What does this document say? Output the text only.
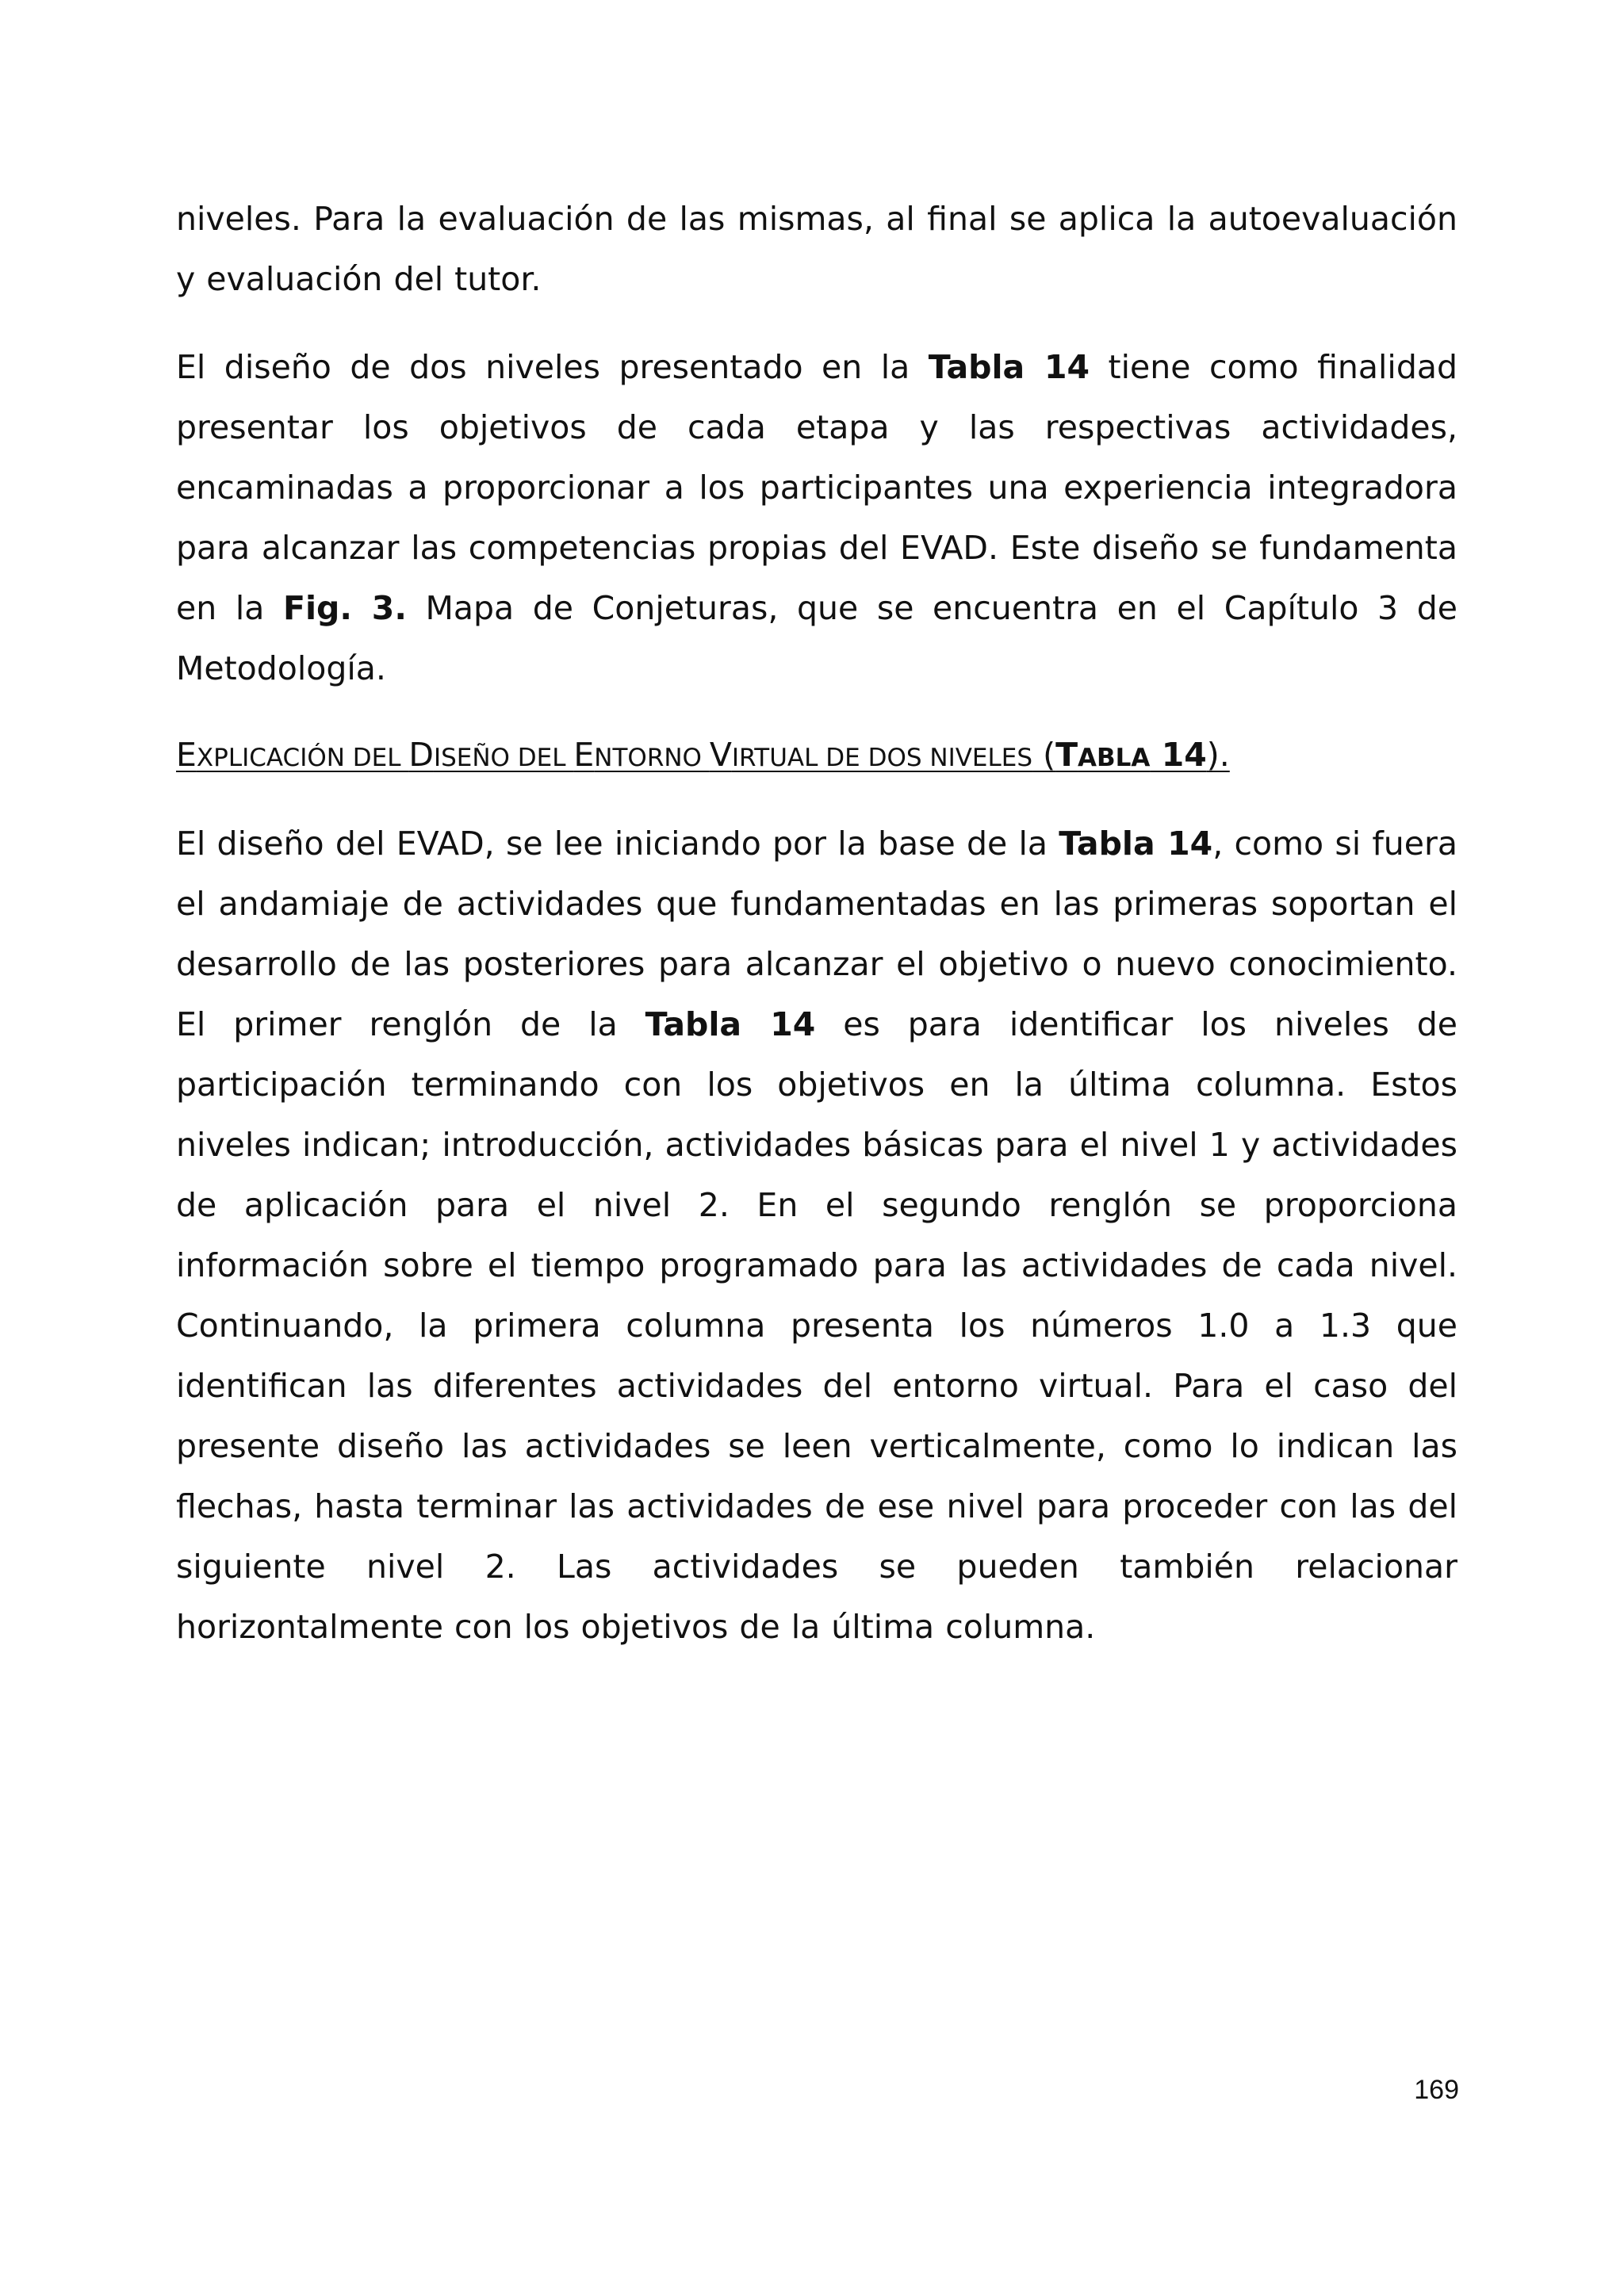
niveles. Para la evaluación de las mismas, al final se aplica la autoevaluación y evaluación del tutor.

El diseño de dos niveles presentado en la Tabla 14 tiene como finalidad presentar los objetivos de cada etapa y las respectivas actividades, encaminadas a proporcionar a los participantes una experiencia integradora para alcanzar las competencias propias del EVAD. Este diseño se fundamenta en la Fig. 3. Mapa de Conjeturas, que se encuentra en el Capítulo 3 de Metodología.

EXPLICACIÓN DEL DISEÑO DEL ENTORNO VIRTUAL DE DOS NIVELES (TABLA 14).

El diseño del EVAD, se lee iniciando por la base de la Tabla 14, como si fuera el andamiaje de actividades que fundamentadas en las primeras soportan el desarrollo de las posteriores para alcanzar el objetivo o nuevo conocimiento. El primer renglón de la Tabla 14 es para identificar los niveles de participación terminando con los objetivos en la última columna. Estos niveles indican; introducción, actividades básicas para el nivel 1 y actividades de aplicación para el nivel 2. En el segundo renglón se proporciona información sobre el tiempo programado para las actividades de cada nivel. Continuando, la primera columna presenta los números 1.0 a 1.3 que identifican las diferentes actividades del entorno virtual. Para el caso del presente diseño las actividades se leen verticalmente, como lo indican las flechas, hasta terminar las actividades de ese nivel para proceder con las del siguiente nivel 2. Las actividades se pueden también relacionar horizontalmente con los objetivos de la última columna.

169
